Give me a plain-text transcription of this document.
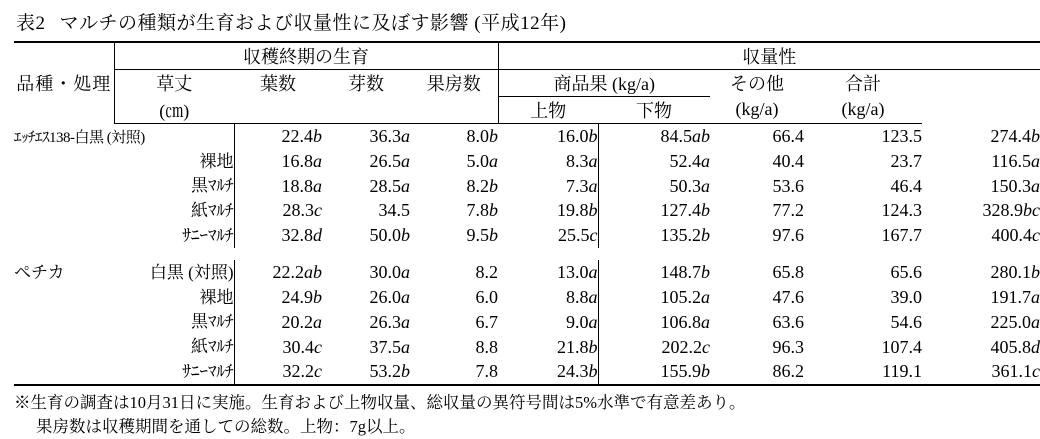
表2 マルチの種類が生育および収量性に及ぼす影響 (平成12年)
品種・処理	収穫終期の生育				収量性				
	草丈	葉数	芽数	果房数	商品果 (kg/a)		その他	合計	
	(㎝)				上物	下物	(kg/a)	(kg/a)	
ｴｯﾁｴｽ138-白黒 (対照)		22.4b	36.3a	8.0b	16.0b	84.5ab	66.4	123.5	274.4b
	裸地	16.8a	26.5a	5.0a	8.3a	52.4a	40.4	23.7	116.5a
	黒ﾏﾙﾁ	18.8a	28.5a	8.2b	7.3a	50.3a	53.6	46.4	150.3a
	紙ﾏﾙﾁ	28.3c	34.5	7.8b	19.8b	127.4b	77.2	124.3	328.9bc
	ｻﾆｰﾏﾙﾁ	32.8d	50.0b	9.5b	25.5c	135.2b	97.6	167.7	400.4c

ペチカ	白黒 (対照)	22.2ab	30.0a	8.2	13.0a	148.7b	65.8	65.6	280.1b
	裸地	24.9b	26.0a	6.0	8.8a	105.2a	47.6	39.0	191.7a
	黒ﾏﾙﾁ	20.2a	26.3a	6.7	9.0a	106.8a	63.6	54.6	225.0a
	紙ﾏﾙﾁ	30.4c	37.5a	8.8	21.8b	202.2c	96.3	107.4	405.8d
	ｻﾆｰﾏﾙﾁ	32.2c	53.2b	7.8	24.3b	155.9b	86.2	119.1	361.1c
※生育の調査は10月31日に実施。生育および上物収量、総収量の異符号間は5%水準で有意差あり。
果房数は収穫期間を通しての総数。上物：7g以上。
